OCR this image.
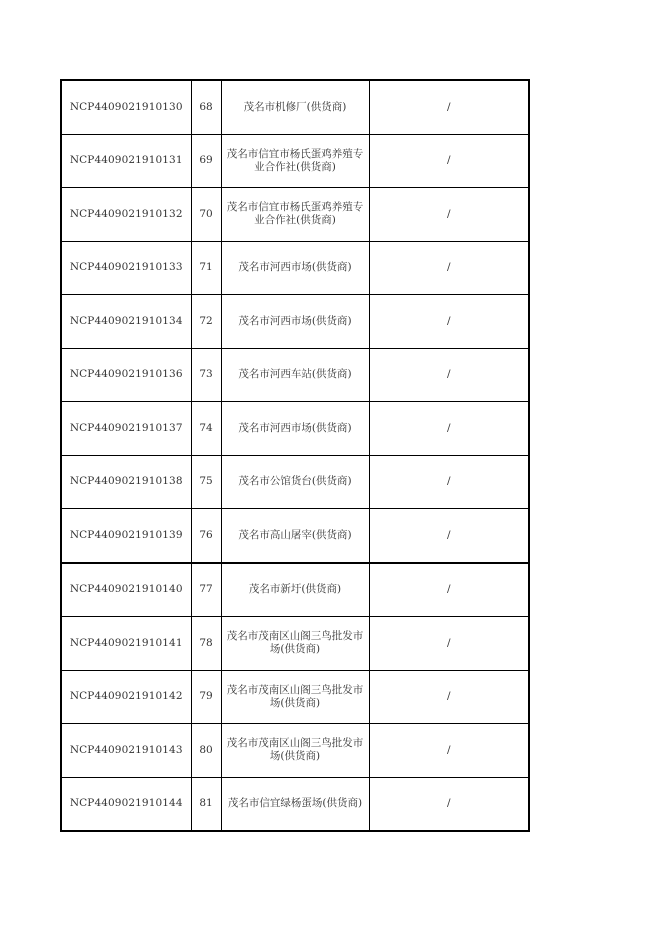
NCP4409021910130	68	茂名市机修厂(供货商)	/
NCP4409021910131	69	茂名市信宜市杨氏蛋鸡养殖专业合作社(供货商)	/
NCP4409021910132	70	茂名市信宜市杨氏蛋鸡养殖专业合作社(供货商)	/
NCP4409021910133	71	茂名市河西市场(供货商)	/
NCP4409021910134	72	茂名市河西市场(供货商)	/
NCP4409021910136	73	茂名市河西车站(供货商)	/
NCP4409021910137	74	茂名市河西市场(供货商)	/
NCP4409021910138	75	茂名市公馆货台(供货商)	/
NCP4409021910139	76	茂名市高山屠宰(供货商)	/
NCP4409021910140	77	茂名市新圩(供货商)	/
NCP4409021910141	78	茂名市茂南区山阁三鸟批发市场(供货商)	/
NCP4409021910142	79	茂名市茂南区山阁三鸟批发市场(供货商)	/
NCP4409021910143	80	茂名市茂南区山阁三鸟批发市场(供货商)	/
NCP4409021910144	81	茂名市信宜绿杨蛋场(供货商)	/
